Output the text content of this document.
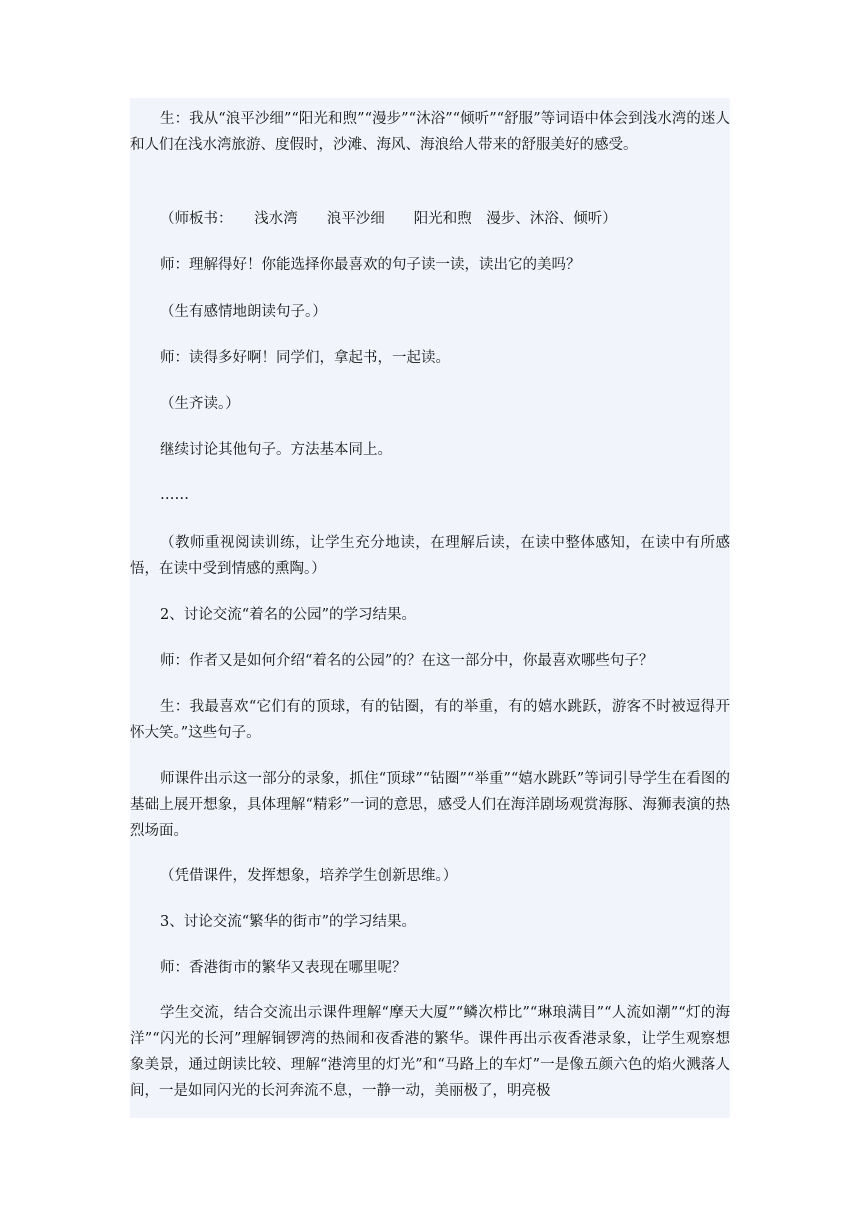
生：我从“浪平沙细”“阳光和煦”“漫步”“沐浴”“倾听”“舒服”等词语中体会到浅水湾的迷人和人们在浅水湾旅游、度假时，沙滩、海风、海浪给人带来的舒服美好的感受。

（师板书：　　浅水湾　　浪平沙细　　阳光和煦　漫步、沐浴、倾听）

师：理解得好！你能选择你最喜欢的句子读一读，读出它的美吗？

（生有感情地朗读句子。）

师：读得多好啊！同学们，拿起书，一起读。

（生齐读。）

继续讨论其他句子。方法基本同上。

……

（教师重视阅读训练，让学生充分地读，在理解后读，在读中整体感知，在读中有所感悟，在读中受到情感的熏陶。）

2、讨论交流“着名的公园”的学习结果。

师：作者又是如何介绍“着名的公园”的？在这一部分中，你最喜欢哪些句子？

生：我最喜欢“它们有的顶球，有的钻圈，有的举重，有的嬉水跳跃，游客不时被逗得开怀大笑。”这些句子。

师课件出示这一部分的录象，抓住“顶球”“钻圈”“举重”“嬉水跳跃”等词引导学生在看图的基础上展开想象，具体理解“精彩”一词的意思，感受人们在海洋剧场观赏海豚、海狮表演的热烈场面。

（凭借课件，发挥想象，培养学生创新思维。）

3、讨论交流“繁华的街市”的学习结果。

师：香港街市的繁华又表现在哪里呢？

学生交流，结合交流出示课件理解“摩天大厦”“鳞次栉比”“琳琅满目”“人流如潮”“灯的海洋”“闪光的长河”理解铜锣湾的热闹和夜香港的繁华。课件再出示夜香港录象，让学生观察想象美景，通过朗读比较、理解“港湾里的灯光”和“马路上的车灯”一是像五颜六色的焰火溅落人间，一是如同闪光的长河奔流不息，一静一动，美丽极了，明亮极
